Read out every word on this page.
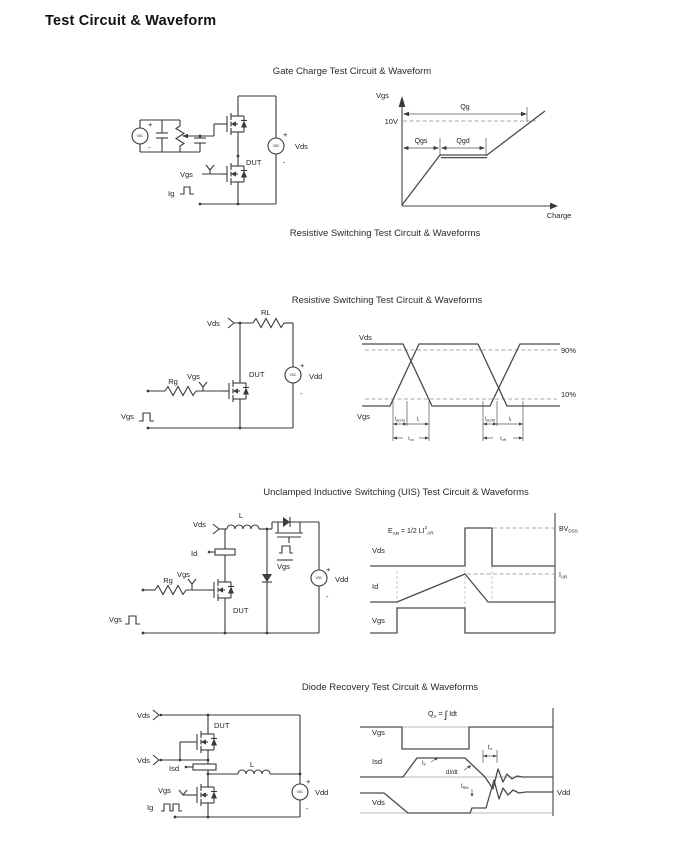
Test Circuit & Waveform
Gate Charge Test Circuit & Waveform
VDC
VDC
+
-
Vgs
Ig
DUT
+
Vds
-
Vgs
Charge
10V
Qg
Qgs	Qgd
Resistive Switching Test Circuit & Waveforms
Resistive Switching Test Circuit & Waveforms
VDC
Vds
RL
DUT
Vgs
Rg
+
Vdd
-
Vgs
Vds
Vgs
90%
10%
$t_{d(on)}$ $t_r$	$t_{d(off)}$	$t_f$
$t_{on}$	$t_{off}$
Unclamped Inductive Switching (UIS) Test Circuit & Waveforms
L
Vds
Id
Vgs
Rg
Vgs
DUT
VDC
+
Vdd
-
Vgs
$E_{AR} = 1/2$ $LI^2_{AR}$	$BV_{DSS}$
Vds
Id
$I_{AR}$
Vgs
Diode Recovery Test Circuit & Waveforms
Vds
DUT
Vds
Isd	L
Vgs
Ig
VDC
+
Vdd
-
$Q_{rr}$ = ∫ Idt
Vgs
Isd	IF
dI/dt
trr
IRM
Vds
Vdd
